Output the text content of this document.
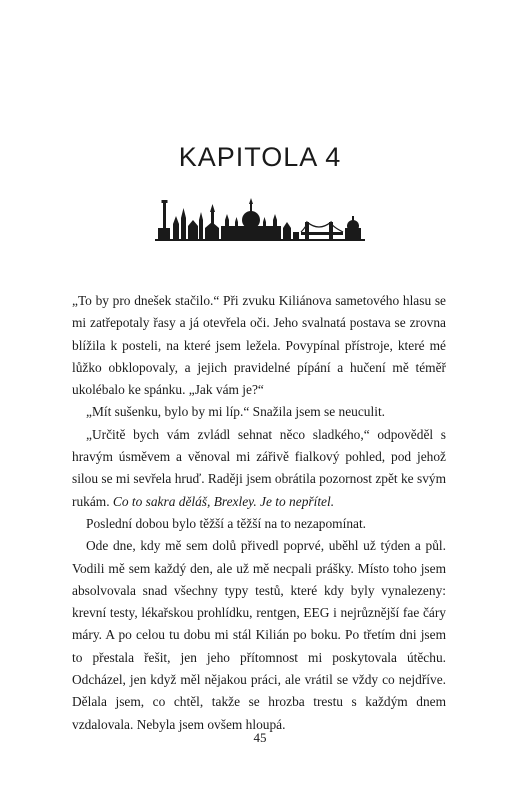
KAPITOLA 4

„To by pro dnešek stačilo.“ Při zvuku Kiliánova sametového hlasu se mi zatřepotaly řasy a já otevřela oči. Jeho svalnatá postava se zrovna blížila k posteli, na které jsem ležela. Povypínal přístroje, které mé lůžko obklopovaly, a jejich pravidelné pípání a hučení mě téměř ukolébalo ke spánku. „Jak vám je?“

„Mít sušenku, bylo by mi líp.“ Snažila jsem se neuculit.

„Určitě bych vám zvládl sehnat něco sladkého,“ odpověděl s hravým úsměvem a věnoval mi zářivě fialkový pohled, pod jehož silou se mi sevřela hruď. Raději jsem obrátila pozornost zpět ke svým rukám. Co to sakra děláš, Brexley. Je to nepřítel.

Poslední dobou bylo těžší a těžší na to nezapomínat.

Ode dne, kdy mě sem dolů přivedl poprvé, uběhl už týden a půl. Vodili mě sem každý den, ale už mě necpali prášky. Místo toho jsem absolvovala snad všechny typy testů, které kdy byly vynalezeny: krevní testy, lékařskou prohlídku, rentgen, EEG i nejrůznější fae čáry máry. A po celou tu dobu mi stál Kilián po boku. Po třetím dni jsem to přestala řešit, jen jeho přítomnost mi poskytovala útěchu. Odcházel, jen když měl nějakou práci, ale vrátil se vždy co nejdříve. Dělala jsem, co chtěl, takže se hrozba trestu s každým dnem vzdalovala. Nebyla jsem ovšem hloupá.

45
